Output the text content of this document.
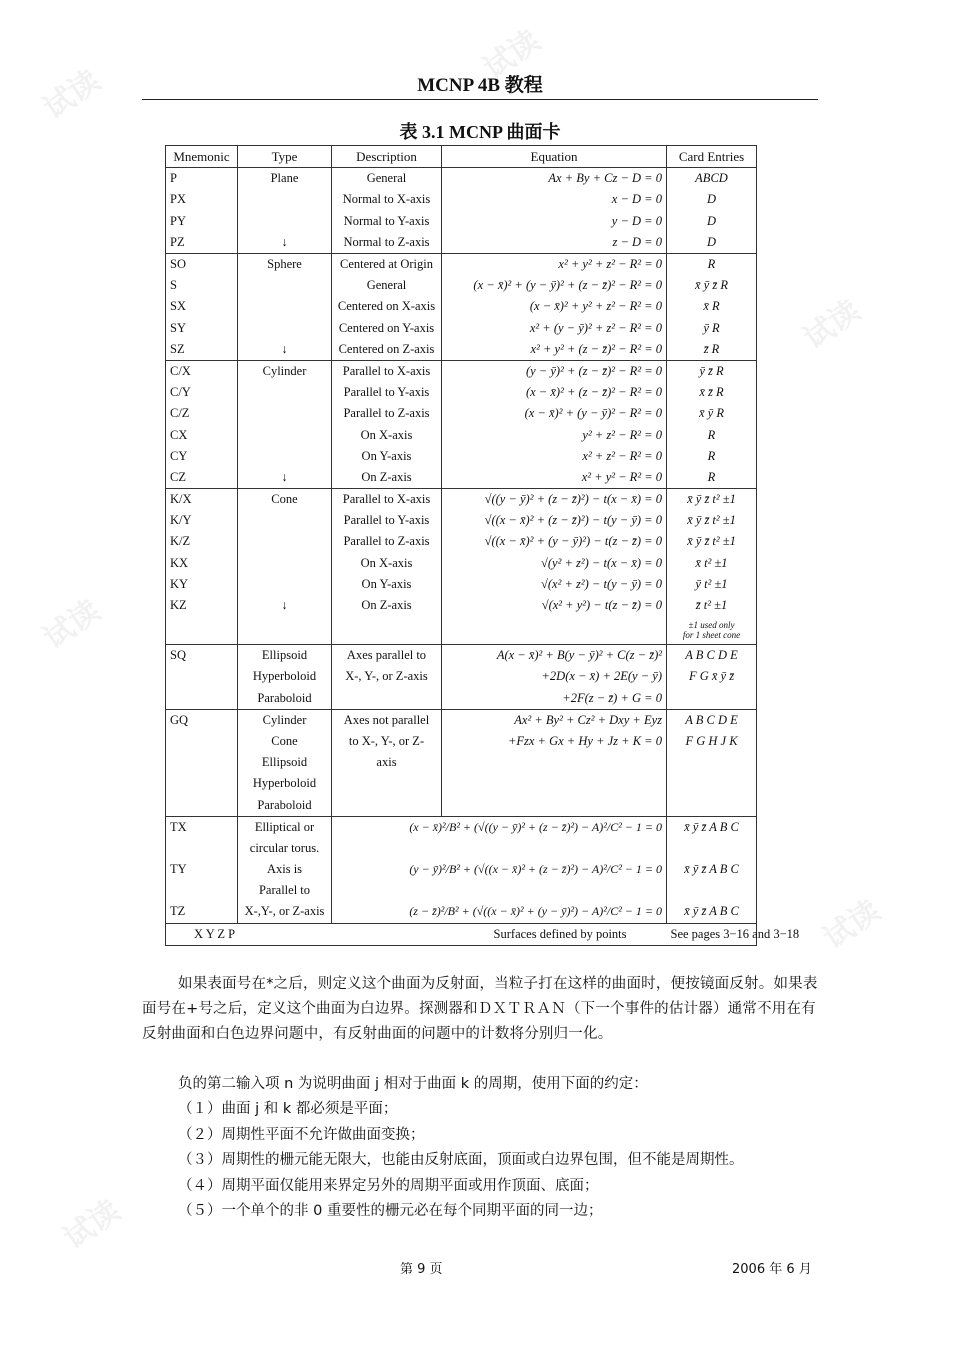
试读
试读
试读
试读
试读
试读
MCNP 4B 教程
表 3.1 MCNP 曲面卡
Mnemonic	Type	Description	Equation	Card Entries
P	Plane	General	Ax + By + Cz − D = 0	ABCD
PX		Normal to X-axis	x − D = 0	D
PY		Normal to Y-axis	y − D = 0	D
PZ	↓	Normal to Z-axis	z − D = 0	D
SO	Sphere	Centered at Origin	x² + y² + z² − R² = 0	R
S		General	(x − x̄)² + (y − ȳ)² + (z − z̄)² − R² = 0	x̄ ȳ z̄ R
SX		Centered on X-axis	(x − x̄)² + y² + z² − R² = 0	x̄ R
SY		Centered on Y-axis	x² + (y − ȳ)² + z² − R² = 0	ȳ R
SZ	↓	Centered on Z-axis	x² + y² + (z − z̄)² − R² = 0	z̄ R
C/X	Cylinder	Parallel to X-axis	(y − ȳ)² + (z − z̄)² − R² = 0	ȳ z̄ R
C/Y		Parallel to Y-axis	(x − x̄)² + (z − z̄)² − R² = 0	x̄ z̄ R
C/Z		Parallel to Z-axis	(x − x̄)² + (y − ȳ)² − R² = 0	x̄ ȳ R
CX		On X-axis	y² + z² − R² = 0	R
CY		On Y-axis	x² + z² − R² = 0	R
CZ	↓	On Z-axis	x² + y² − R² = 0	R
K/X	Cone	Parallel to X-axis	√((y − ȳ)² + (z − z̄)²) − t(x − x̄) = 0	x̄ ȳ z̄ t² ±1
K/Y		Parallel to Y-axis	√((x − x̄)² + (z − z̄)²) − t(y − ȳ) = 0	x̄ ȳ z̄ t² ±1
K/Z		Parallel to Z-axis	√((x − x̄)² + (y − ȳ)²) − t(z − z̄) = 0	x̄ ȳ z̄ t² ±1
KX		On X-axis	√(y² + z²) − t(x − x̄) = 0	x̄ t² ±1
KY		On Y-axis	√(x² + z²) − t(y − ȳ) = 0	ȳ t² ±1
KZ	↓	On Z-axis	√(x² + y²) − t(z − z̄) = 0	z̄ t² ±1

				±1 used only
for 1 sheet cone

SQ	Ellipsoid	Axes parallel to	A(x − x̄)² + B(y − ȳ)² + C(z − z̄)²	A B C D E
	Hyperboloid	X-, Y-, or Z-axis	+2D(x − x̄) + 2E(y − ȳ)	F G x̄ ȳ z̄
	Paraboloid		+2F(z − z̄) + G = 0	
GQ	Cylinder	Axes not parallel	Ax² + By² + Cz² + Dxy + Eyz	A B C D E
	Cone	to X-, Y-, or Z-	+Fzx + Gx + Hy + Jz + K = 0	F G H J K
	Ellipsoid	axis		
	Hyperboloid			
	Paraboloid			
TX	Elliptical or	(x − x̄)²/B² + (√((y − ȳ)² + (z − z̄)²) − A)²/C² − 1 = 0		x̄ ȳ z̄ A B C
	circular torus.			
TY	Axis is	(y − ȳ)²/B² + (√((x − x̄)² + (z − z̄)²) − A)²/C² − 1 = 0		x̄ ȳ z̄ A B C
	Parallel to			
TZ	X-,Y-, or Z-axis	(z − z̄)²/B² + (√((x − x̄)² + (y − ȳ)²) − A)²/C² − 1 = 0		x̄ ȳ z̄ A B C
X Y Z P		Surfaces defined by points		See pages 3−16 and 3−18
如果表面号在*之后，则定义这个曲面为反射面，当粒子打在这样的曲面时，便按镜面反射。如果表面号在+号之后，定义这个曲面为白边界。探测器和ＤＸＴＲＡＮ（下一个事件的估计器）通常不用在有反射曲面和白色边界问题中，有反射曲面的问题中的计数将分别归一化。
负的第二输入项 n 为说明曲面 j 相对于曲面 k 的周期，使用下面的约定：
（１）曲面 j 和 k 都必须是平面；
（２）周期性平面不允许做曲面变换；
（３）周期性的栅元能无限大，也能由反射底面，顶面或白边界包围，但不能是周期性。
（４）周期平面仅能用来界定另外的周期平面或用作顶面、底面；
（５）一个单个的非 0 重要性的栅元必在每个同期平面的同一边；
第 9 页	2006 年 6 月
